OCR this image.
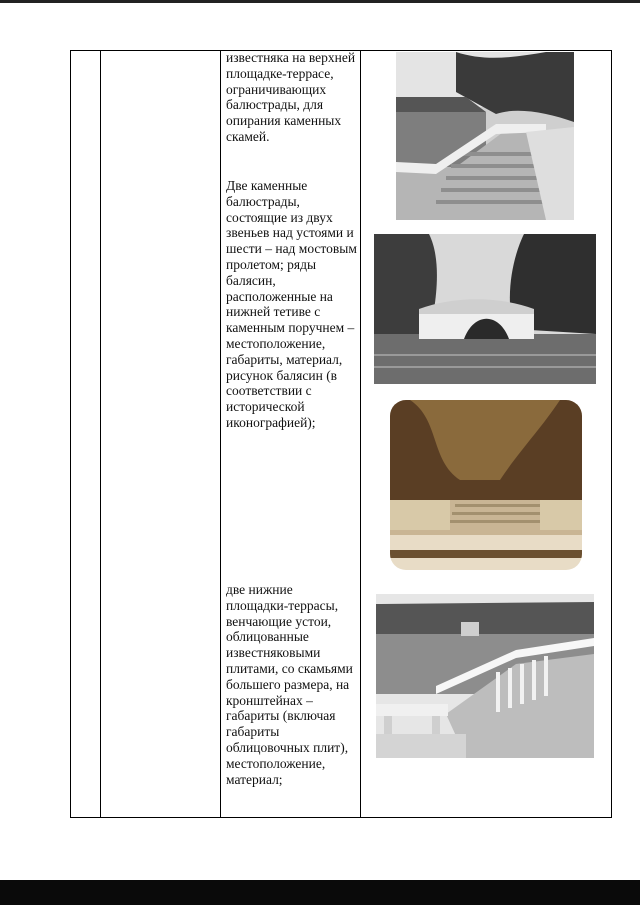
известняка на верхней площадке-террасе, ограничивающих балюстрады, для опирания каменных скамей.
Две каменные балюстрады, состоящие из двух звеньев над устоями и шести – над мостовым пролетом; ряды балясин, расположенные на нижней тетиве с каменным поручнем – местоположение, габариты, материал, рисунок балясин (в соответствии с исторической иконографией);
две нижние площадки-террасы, венчающие устои, облицованные известняковыми плитами, со скамьями большего размера, на кронштейнах – габариты (включая габариты облицовочных плит), местоположение, материал;
